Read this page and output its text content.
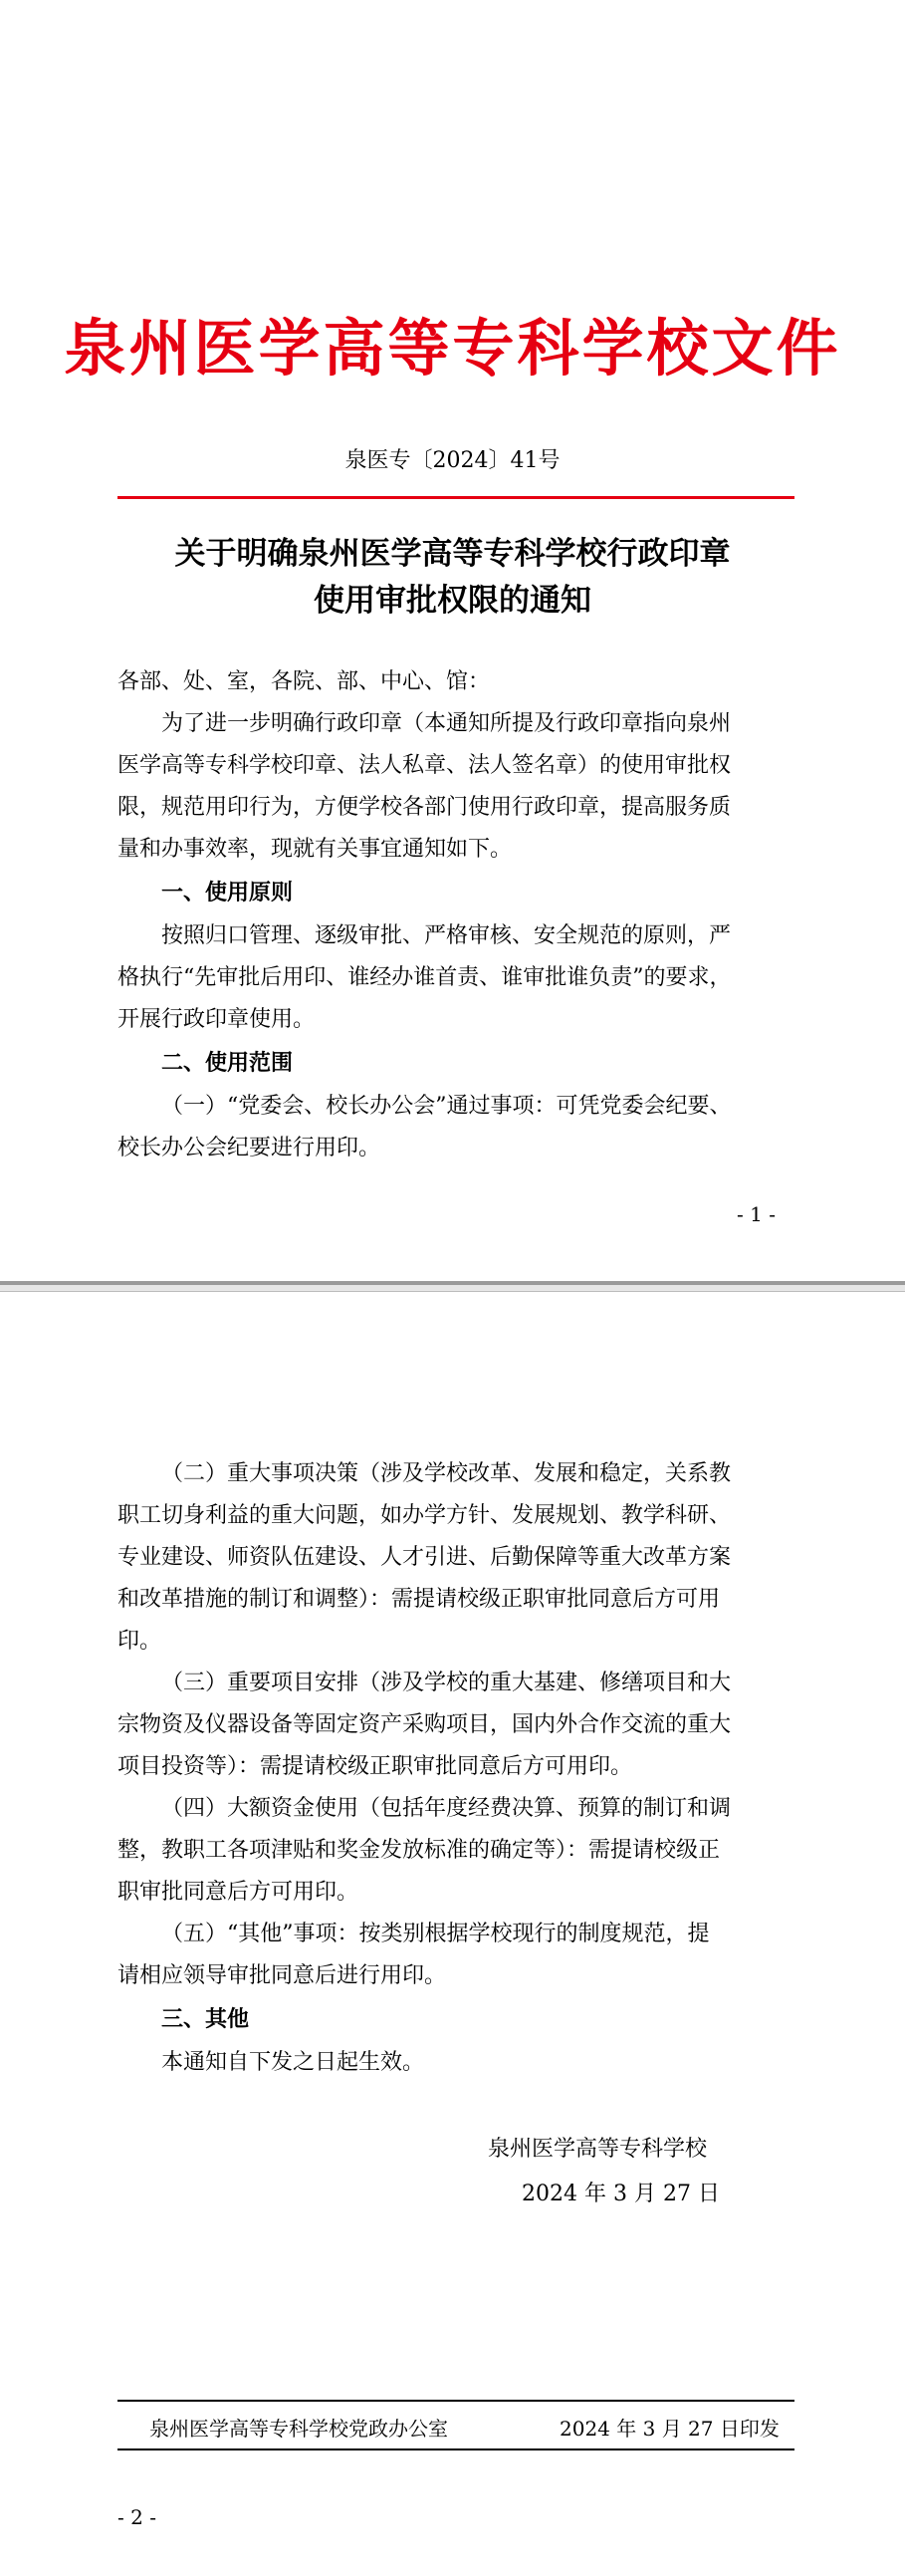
泉州医学高等专科学校文件
泉医专〔2024〕41号
关于明确泉州医学高等专科学校行政印章
使用审批权限的通知
各部、处、室，各院、部、中心、馆：
为了进一步明确行政印章（本通知所提及行政印章指向泉州
医学高等专科学校印章、法人私章、法人签名章）的使用审批权
限，规范用印行为，方便学校各部门使用行政印章，提高服务质
量和办事效率，现就有关事宜通知如下。
一、使用原则
按照归口管理、逐级审批、严格审核、安全规范的原则，严
格执行“先审批后用印、谁经办谁首责、谁审批谁负责”的要求，
开展行政印章使用。
二、使用范围
（一）“党委会、校长办公会”通过事项：可凭党委会纪要、
校长办公会纪要进行用印。
- 1 -
（二）重大事项决策（涉及学校改革、发展和稳定，关系教
职工切身利益的重大问题，如办学方针、发展规划、教学科研、
专业建设、师资队伍建设、人才引进、后勤保障等重大改革方案
和改革措施的制订和调整）：需提请校级正职审批同意后方可用
印。
（三）重要项目安排（涉及学校的重大基建、修缮项目和大
宗物资及仪器设备等固定资产采购项目，国内外合作交流的重大
项目投资等）：需提请校级正职审批同意后方可用印。
（四）大额资金使用（包括年度经费决算、预算的制订和调
整，教职工各项津贴和奖金发放标准的确定等）：需提请校级正
职审批同意后方可用印。
（五）“其他”事项：按类别根据学校现行的制度规范，提
请相应领导审批同意后进行用印。
三、其他
本通知自下发之日起生效。
泉州医学高等专科学校
2024 年 3 月 27 日
泉州医学高等专科学校党政办公室	2024 年 3 月 27 日印发
- 2 -
